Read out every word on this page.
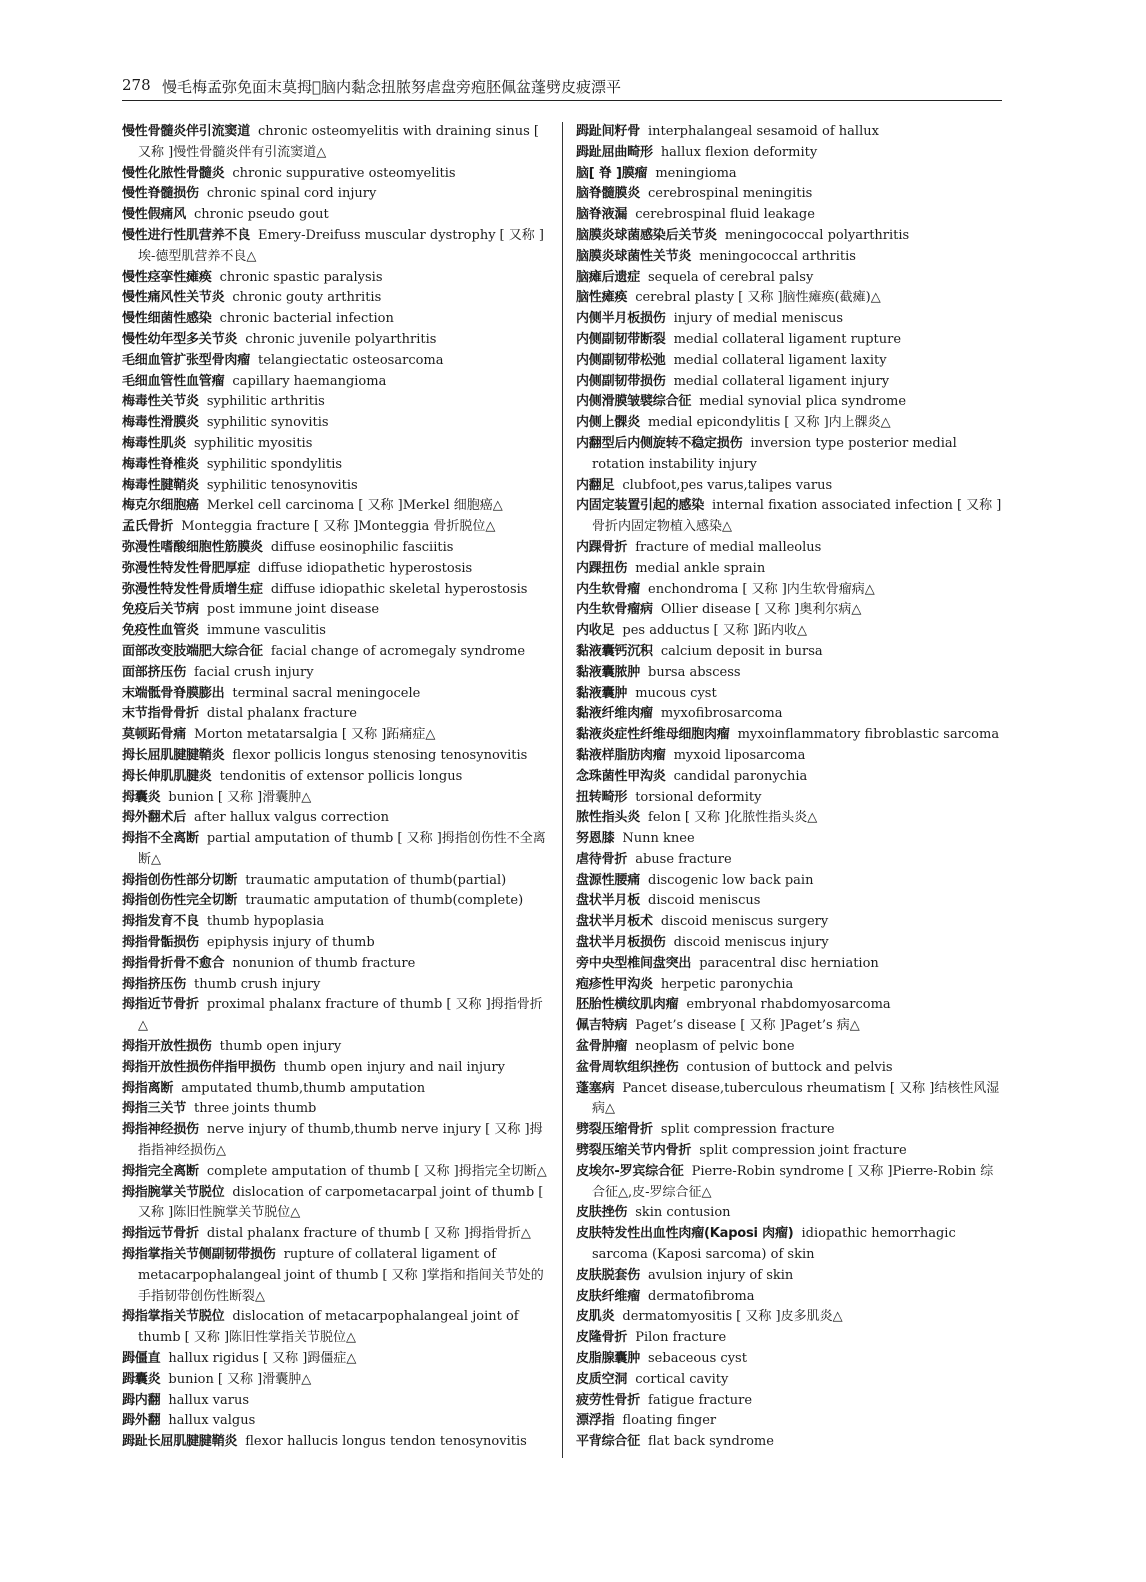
278 慢毛梅孟弥免面末莫拇𫫵脑内黏念扭脓努虐盘旁疱胚佩盆蓬劈皮疲漂平

慢性骨髓炎伴引流窦道 chronic osteomyelitis with draining sinus [ 又称 ]慢性骨髓炎伴有引流窦道△

慢性化脓性骨髓炎 chronic suppurative osteomyelitis

慢性脊髓损伤 chronic spinal cord injury

慢性假痛风 chronic pseudo gout

慢性进行性肌营养不良 Emery-Dreifuss muscular dystrophy [ 又称 ]埃-德型肌营养不良△

慢性痉挛性瘫痪 chronic spastic paralysis

慢性痛风性关节炎 chronic gouty arthritis

慢性细菌性感染 chronic bacterial infection

慢性幼年型多关节炎 chronic juvenile polyarthritis

毛细血管扩张型骨肉瘤 telangiectatic osteosarcoma

毛细血管性血管瘤 capillary haemangioma

梅毒性关节炎 syphilitic arthritis

梅毒性滑膜炎 syphilitic synovitis

梅毒性肌炎 syphilitic myositis

梅毒性脊椎炎 syphilitic spondylitis

梅毒性腱鞘炎 syphilitic tenosynovitis

梅克尔细胞癌 Merkel cell carcinoma [ 又称 ]Merkel 细胞癌△

孟氏骨折 Monteggia fracture [ 又称 ]Monteggia 骨折脱位△

弥漫性嗜酸细胞性筋膜炎 diffuse eosinophilic fasciitis

弥漫性特发性骨肥厚症 diffuse idiopathetic hyperostosis

弥漫性特发性骨质增生症 diffuse idiopathic skeletal hyperostosis

免疫后关节病 post immune joint disease

免疫性血管炎 immune vasculitis

面部改变肢端肥大综合征 facial change of acromegaly syndrome

面部挤压伤 facial crush injury

末端骶骨脊膜膨出 terminal sacral meningocele

末节指骨骨折 distal phalanx fracture

莫顿跖骨痛 Morton metatarsalgia [ 又称 ]跖痛症△

拇长屈肌腱腱鞘炎 flexor pollicis longus stenosing tenosynovitis

拇长伸肌肌腱炎 tendonitis of extensor pollicis longus

拇囊炎 bunion [ 又称 ]滑囊肿△

拇外翻术后 after hallux valgus correction

拇指不全离断 partial amputation of thumb [ 又称 ]拇指创伤性不全离断△

拇指创伤性部分切断 traumatic amputation of thumb(partial)

拇指创伤性完全切断 traumatic amputation of thumb(complete)

拇指发育不良 thumb hypoplasia

拇指骨骺损伤 epiphysis injury of thumb

拇指骨折骨不愈合 nonunion of thumb fracture

拇指挤压伤 thumb crush injury

拇指近节骨折 proximal phalanx fracture of thumb [ 又称 ]拇指骨折△

拇指开放性损伤 thumb open injury

拇指开放性损伤伴指甲损伤 thumb open injury and nail injury

拇指离断 amputated thumb,thumb amputation

拇指三关节 three joints thumb

拇指神经损伤 nerve injury of thumb,thumb nerve injury [ 又称 ]拇指指神经损伤△

拇指完全离断 complete amputation of thumb [ 又称 ]拇指完全切断△

拇指腕掌关节脱位 dislocation of carpometacarpal joint of thumb [ 又称 ]陈旧性腕掌关节脱位△

拇指远节骨折 distal phalanx fracture of thumb [ 又称 ]拇指骨折△

拇指掌指关节侧副韧带损伤 rupture of collateral ligament of metacarpophalangeal joint of thumb [ 又称 ]掌指和指间关节处的手指韧带创伤性断裂△

拇指掌指关节脱位 dislocation of metacarpophalangeal joint of thumb [ 又称 ]陈旧性掌指关节脱位△

𧿹僵直 hallux rigidus [ 又称 ]𧿹僵症△

𧿹囊炎 bunion [ 又称 ]滑囊肿△

𧿹内翻 hallux varus

𧿹外翻 hallux valgus

𧿹趾长屈肌腱腱鞘炎 flexor hallucis longus tendon tenosynovitis

𧿹趾间籽骨 interphalangeal sesamoid of hallux

𧿹趾屈曲畸形 hallux flexion deformity

脑[ 脊 ]膜瘤 meningioma

脑脊髓膜炎 cerebrospinal meningitis

脑脊液漏 cerebrospinal fluid leakage

脑膜炎球菌感染后关节炎 meningococcal polyarthritis

脑膜炎球菌性关节炎 meningococcal arthritis

脑瘫后遗症 sequela of cerebral palsy

脑性瘫痪 cerebral plasty [ 又称 ]脑性瘫痪(截瘫)△

内侧半月板损伤 injury of medial meniscus

内侧副韧带断裂 medial collateral ligament rupture

内侧副韧带松弛 medial collateral ligament laxity

内侧副韧带损伤 medial collateral ligament injury

内侧滑膜皱襞综合征 medial synovial plica syndrome

内侧上髁炎 medial epicondylitis [ 又称 ]内上髁炎△

内翻型后内侧旋转不稳定损伤 inversion type posterior medial rotation instability injury

内翻足 clubfoot,pes varus,talipes varus

内固定装置引起的感染 internal fixation associated infection [ 又称 ]骨折内固定物植入感染△

内踝骨折 fracture of medial malleolus

内踝扭伤 medial ankle sprain

内生软骨瘤 enchondroma [ 又称 ]内生软骨瘤病△

内生软骨瘤病 Ollier disease [ 又称 ]奥利尔病△

内收足 pes adductus [ 又称 ]跖内收△

黏液囊钙沉积 calcium deposit in bursa

黏液囊脓肿 bursa abscess

黏液囊肿 mucous cyst

黏液纤维肉瘤 myxofibrosarcoma

黏液炎症性纤维母细胞肉瘤 myxoinflammatory fibroblastic sarcoma

黏液样脂肪肉瘤 myxoid liposarcoma

念珠菌性甲沟炎 candidal paronychia

扭转畸形 torsional deformity

脓性指头炎 felon [ 又称 ]化脓性指头炎△

努恩膝 Nunn knee

虐待骨折 abuse fracture

盘源性腰痛 discogenic low back pain

盘状半月板 discoid meniscus

盘状半月板术 discoid meniscus surgery

盘状半月板损伤 discoid meniscus injury

旁中央型椎间盘突出 paracentral disc herniation

疱疹性甲沟炎 herpetic paronychia

胚胎性横纹肌肉瘤 embryonal rhabdomyosarcoma

佩吉特病 Paget’s disease [ 又称 ]Paget’s 病△

盆骨肿瘤 neoplasm of pelvic bone

盆骨周软组织挫伤 contusion of buttock and pelvis

蓬塞病 Pancet disease,tuberculous rheumatism [ 又称 ]结核性风湿病△

劈裂压缩骨折 split compression fracture

劈裂压缩关节内骨折 split compression joint fracture

皮埃尔-罗宾综合征 Pierre-Robin syndrome [ 又称 ]Pierre-Robin 综合征△,皮-罗综合征△

皮肤挫伤 skin contusion

皮肤特发性出血性肉瘤(Kaposi 肉瘤) idiopathic hemorrhagic sarcoma (Kaposi sarcoma) of skin

皮肤脱套伤 avulsion injury of skin

皮肤纤维瘤 dermatofibroma

皮肌炎 dermatomyositis [ 又称 ]皮多肌炎△

皮隆骨折 Pilon fracture

皮脂腺囊肿 sebaceous cyst

皮质空洞 cortical cavity

疲劳性骨折 fatigue fracture

漂浮指 floating finger

平背综合征 flat back syndrome
